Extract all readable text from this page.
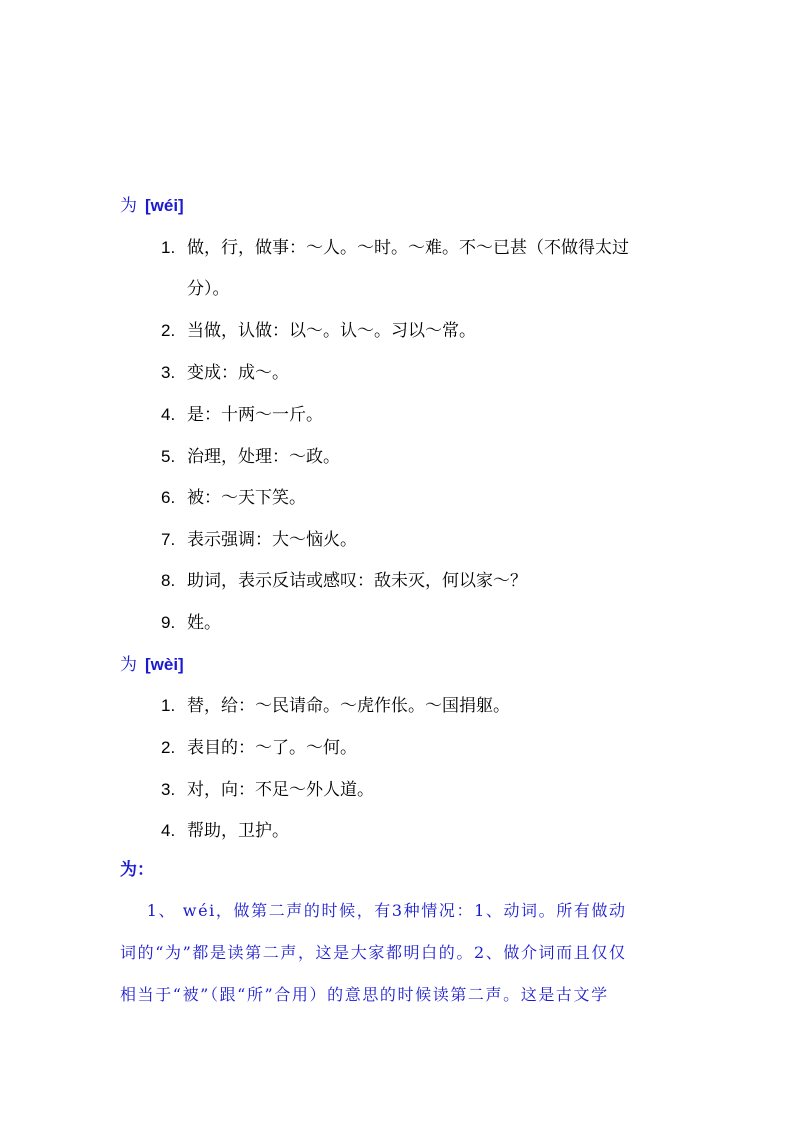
为 [wéi]
1. 做，行，做事：～人。～时。～难。不～已甚（不做得太过
分）。
2. 当做，认做：以～。认～。习以～常。
3. 变成：成～。
4. 是：十两～一斤。
5. 治理，处理：～政。
6. 被：～天下笑。
7. 表示强调：大～恼火。
8. 助词，表示反诘或感叹：敌未灭，何以家～？
9. 姓。
为 [wèi]
1. 替，给：～民请命。～虎作伥。～国捐躯。
2. 表目的：～了。～何。
3. 对，向：不足～外人道。
4. 帮助，卫护。
为：
1、 wéi，做第二声的时候，有3种情况：1、动词。所有做动
词的“为”都是读第二声，这是大家都明白的。2、做介词而且仅仅
相当于“被”（跟“所”合用）的意思的时候读第二声。这是古文学
